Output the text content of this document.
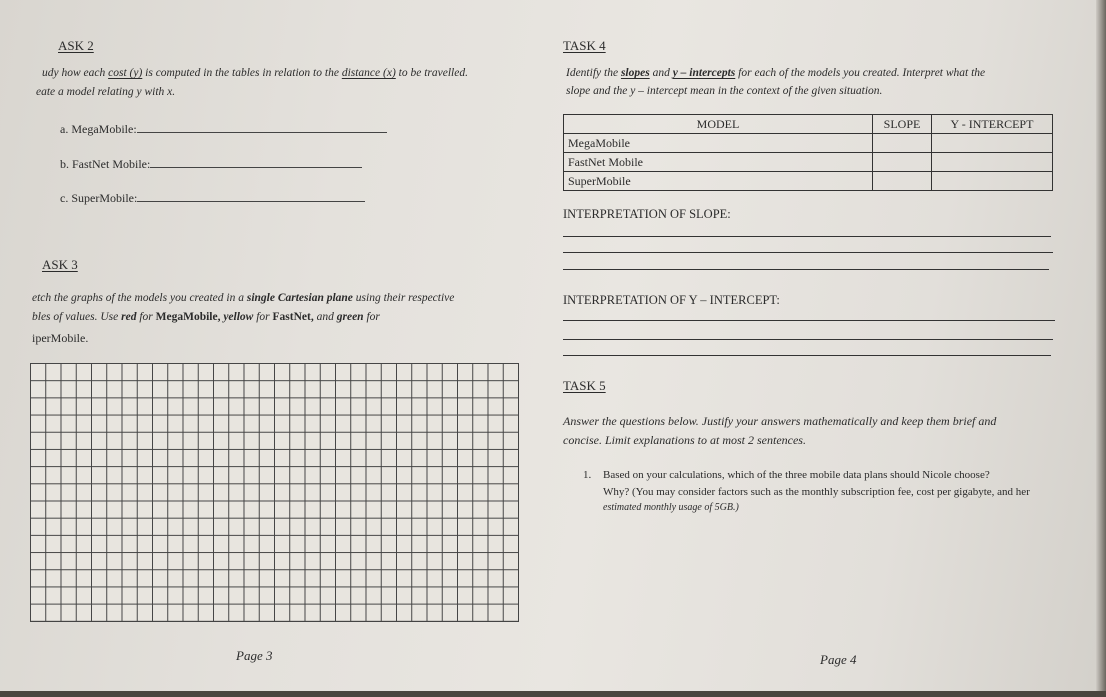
ASK 2
udy how each cost (y) is computed in the tables in relation to the distance (x) to be travelled.
eate a model relating y with x.
a. MegaMobile:
b. FastNet Mobile:
c. SuperMobile:
ASK 3
etch the graphs of the models you created in a single Cartesian plane using their respective
bles of values. Use red for MegaMobile, yellow for FastNet, and green for
iperMobile.
Page 3
TASK 4
Identify the slopes and y – intercepts for each of the models you created. Interpret what the
slope and the y – intercept mean in the context of the given situation.
MODEL	SLOPE	Y - INTERCEPT
MegaMobile		
FastNet Mobile		
SuperMobile		
INTERPRETATION OF SLOPE:
INTERPRETATION OF Y – INTERCEPT:
TASK 5
Answer the questions below. Justify your answers mathematically and keep them brief and
concise. Limit explanations to at most 2 sentences.
1. Based on your calculations, which of the three mobile data plans should Nicole choose?
Why? (You may consider factors such as the monthly subscription fee, cost per gigabyte, and her
estimated monthly usage of 5GB.)
Page 4
